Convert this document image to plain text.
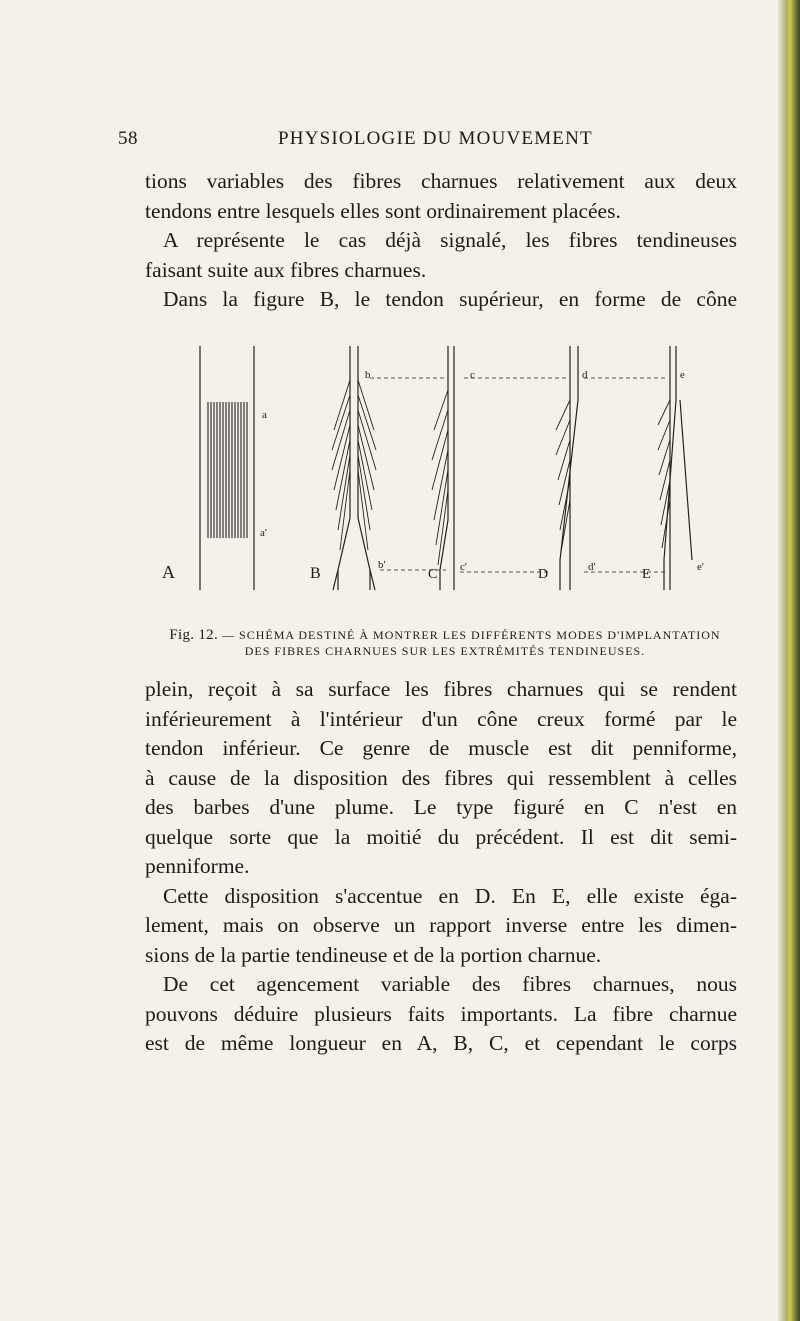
58	PHYSIOLOGIE DU MOUVEMENT
tions variables des fibres charnues relativement aux deux
tendons entre lesquels elles sont ordinairement placées.
A représente le cas déjà signalé, les fibres tendineuses
faisant suite aux fibres charnues.
Dans la figure B, le tendon supérieur, en forme de cône
A	B	C	D	E
a
a'
b
b'
c
c'
d
d'
e
e'
Fig. 12. — SCHÉMA DESTINÉ À MONTRER LES DIFFÉRENTS MODES D'IMPLANTATION
DES FIBRES CHARNUES SUR LES EXTRÉMITÉS TENDINEUSES.
plein, reçoit à sa surface les fibres charnues qui se rendent
inférieurement à l'intérieur d'un cône creux formé par le
tendon inférieur. Ce genre de muscle est dit penniforme,
à cause de la disposition des fibres qui ressemblent à celles
des barbes d'une plume. Le type figuré en C n'est en
quelque sorte que la moitié du précédent. Il est dit semi-
penniforme.
Cette disposition s'accentue en D. En E, elle existe éga-
lement, mais on observe un rapport inverse entre les dimen-
sions de la partie tendineuse et de la portion charnue.
De cet agencement variable des fibres charnues, nous
pouvons déduire plusieurs faits importants. La fibre charnue
est de même longueur en A, B, C, et cependant le corps
